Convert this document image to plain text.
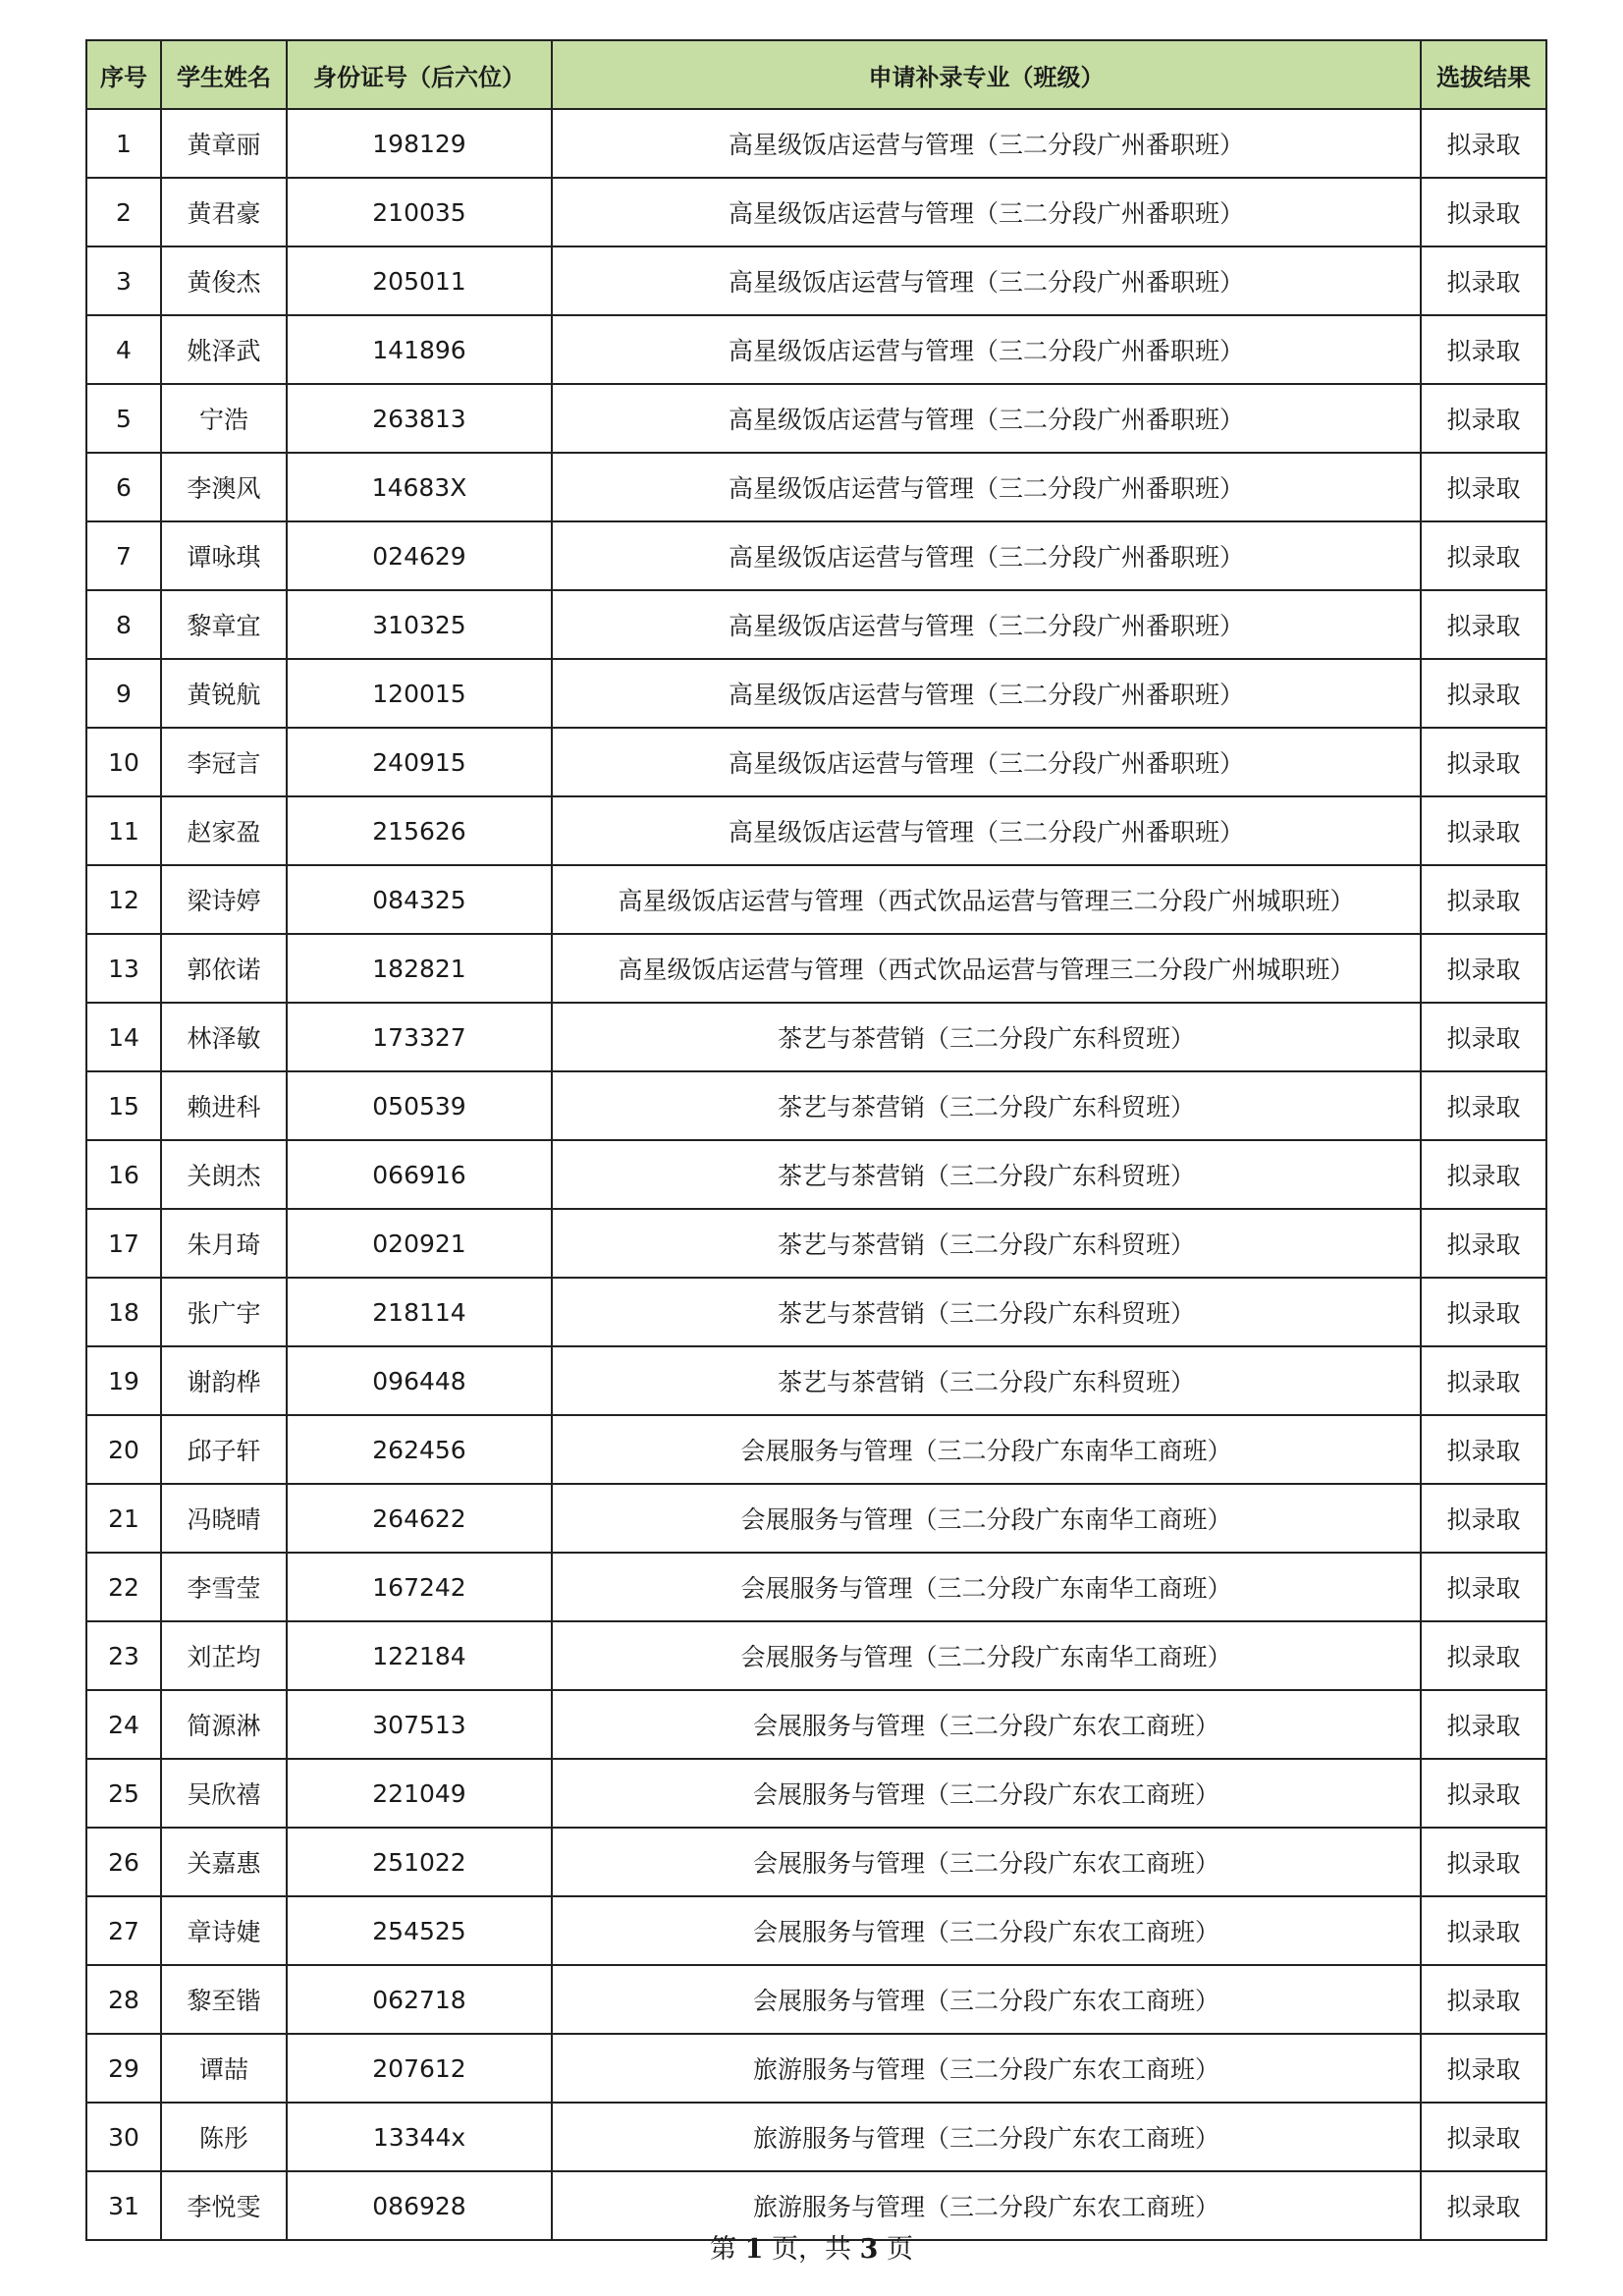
序号	学生姓名	身份证号（后六位）	申请补录专业（班级）	选拔结果
1	黄章丽	198129	高星级饭店运营与管理（三二分段广州番职班）	拟录取
2	黄君豪	210035	高星级饭店运营与管理（三二分段广州番职班）	拟录取
3	黄俊杰	205011	高星级饭店运营与管理（三二分段广州番职班）	拟录取
4	姚泽武	141896	高星级饭店运营与管理（三二分段广州番职班）	拟录取
5	宁浩	263813	高星级饭店运营与管理（三二分段广州番职班）	拟录取
6	李澳风	14683X	高星级饭店运营与管理（三二分段广州番职班）	拟录取
7	谭咏琪	024629	高星级饭店运营与管理（三二分段广州番职班）	拟录取
8	黎章宜	310325	高星级饭店运营与管理（三二分段广州番职班）	拟录取
9	黄锐航	120015	高星级饭店运营与管理（三二分段广州番职班）	拟录取
10	李冠言	240915	高星级饭店运营与管理（三二分段广州番职班）	拟录取
11	赵家盈	215626	高星级饭店运营与管理（三二分段广州番职班）	拟录取
12	梁诗婷	084325	高星级饭店运营与管理（西式饮品运营与管理三二分段广州城职班）	拟录取
13	郭依诺	182821	高星级饭店运营与管理（西式饮品运营与管理三二分段广州城职班）	拟录取
14	林泽敏	173327	茶艺与茶营销（三二分段广东科贸班）	拟录取
15	赖进科	050539	茶艺与茶营销（三二分段广东科贸班）	拟录取
16	关朗杰	066916	茶艺与茶营销（三二分段广东科贸班）	拟录取
17	朱月琦	020921	茶艺与茶营销（三二分段广东科贸班）	拟录取
18	张广宇	218114	茶艺与茶营销（三二分段广东科贸班）	拟录取
19	谢韵桦	096448	茶艺与茶营销（三二分段广东科贸班）	拟录取
20	邱子轩	262456	会展服务与管理（三二分段广东南华工商班）	拟录取
21	冯晓晴	264622	会展服务与管理（三二分段广东南华工商班）	拟录取
22	李雪莹	167242	会展服务与管理（三二分段广东南华工商班）	拟录取
23	刘芷均	122184	会展服务与管理（三二分段广东南华工商班）	拟录取
24	简源淋	307513	会展服务与管理（三二分段广东农工商班）	拟录取
25	吴欣禧	221049	会展服务与管理（三二分段广东农工商班）	拟录取
26	关嘉惠	251022	会展服务与管理（三二分段广东农工商班）	拟录取
27	章诗婕	254525	会展服务与管理（三二分段广东农工商班）	拟录取
28	黎至锴	062718	会展服务与管理（三二分段广东农工商班）	拟录取
29	谭喆	207612	旅游服务与管理（三二分段广东农工商班）	拟录取
30	陈彤	13344x	旅游服务与管理（三二分段广东农工商班）	拟录取
31	李悦雯	086928	旅游服务与管理（三二分段广东农工商班）	拟录取
第 1 页，共 3 页
